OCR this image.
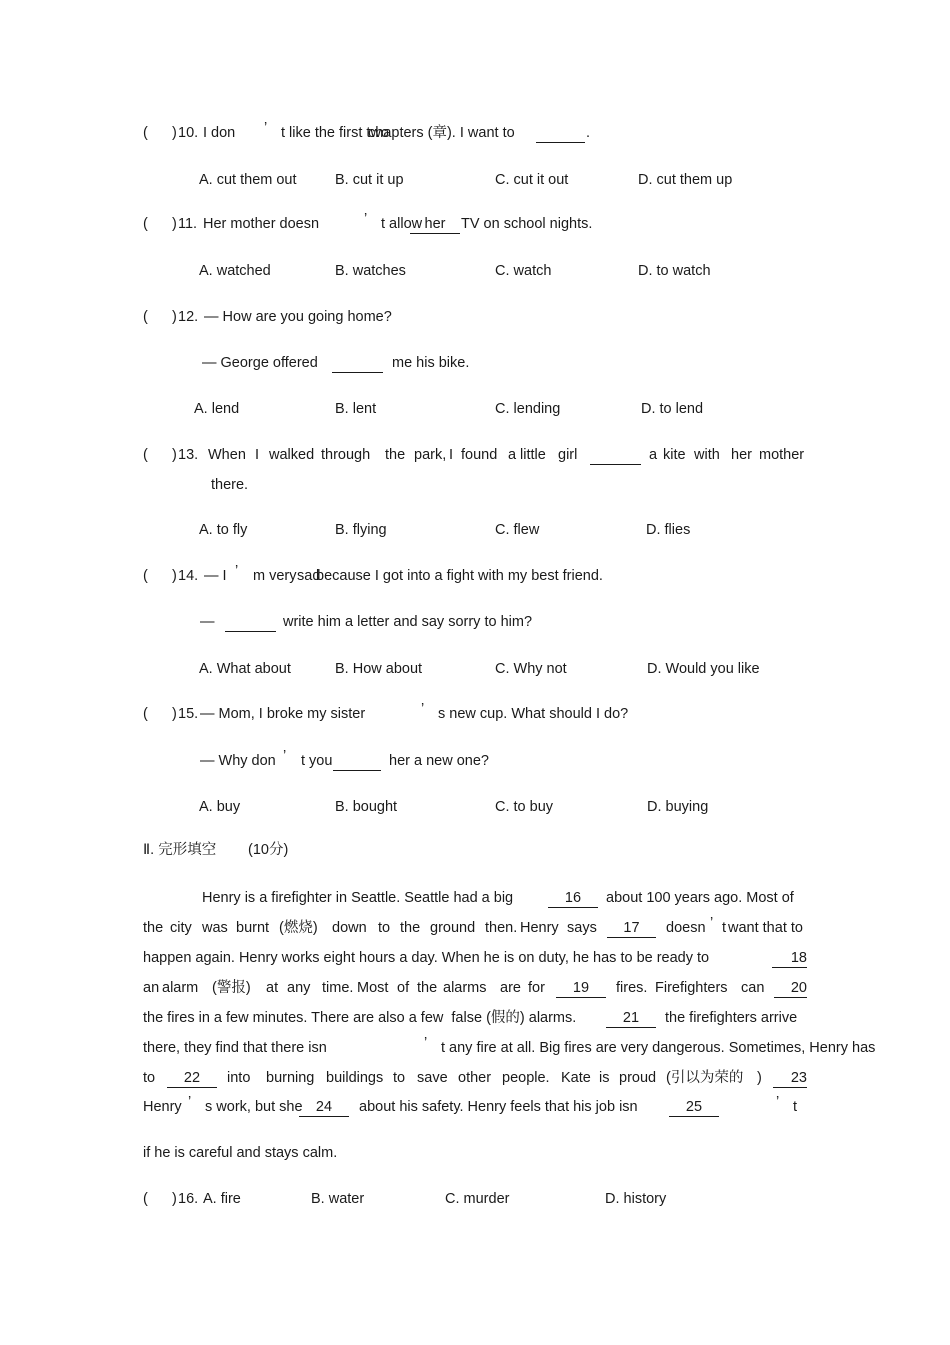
( ) 10. I don ’ t like the first two
chapters (章). I want to	.
A. cut them out	B. cut it up	C. cut it out	D. cut them up
( ) 11. Her mother doesn	’ t allow her	TV on school nights.
A. watched	B. watches	C. watch	D. to watch
( ) 12. — How are you going home?
— George offered	me his bike.
A. lend	B. lent	C. lending	D. to lend
( ) 13. When I walked through the park, I found a little girl	a kite with her mother
there.
A. to fly	B. flying	C. flew	D. flies
( ) 14. — I ’ m very sad
because I got into a fight with my best friend.
—	write him a letter and say sorry to him?
A. What about	B. How about	C. Why not	D. Would you like
( ) 15. — Mom, I broke my sister	’ s new cup. What should I do?
— Why don ’ t you	her a new one?
A. buy	B. bought	C. to buy	D. buying
Ⅱ. 完形填空 (10分)
Henry is a firefighter in Seattle. Seattle had a big	16	about 100 years ago. Most of
the city was burnt (燃烧) down to the ground then. Henry says	17	doesn ’ t want that to
happen again. Henry works eight hours a day. When he is on duty, he has to be ready to	18
an alarm (警报) at any time. Most of the alarms are for	19	fires. Firefighters can	20
the fires in a few minutes. There are also a few  false (假的) alarms.	21	the firefighters arrive
there, they find that there isn	’ t any fire at all. Big fires are very dangerous. Sometimes, Henry has
to	22	into burning buildings to save other people. Kate is proud (引以为荣的 )	23
Henry ’ s work, but she 24	about his safety. Henry feels that his job isn	25	’ t
if he is careful and stays calm.
( ) 16. A. fire	B. water	C. murder	D. history
